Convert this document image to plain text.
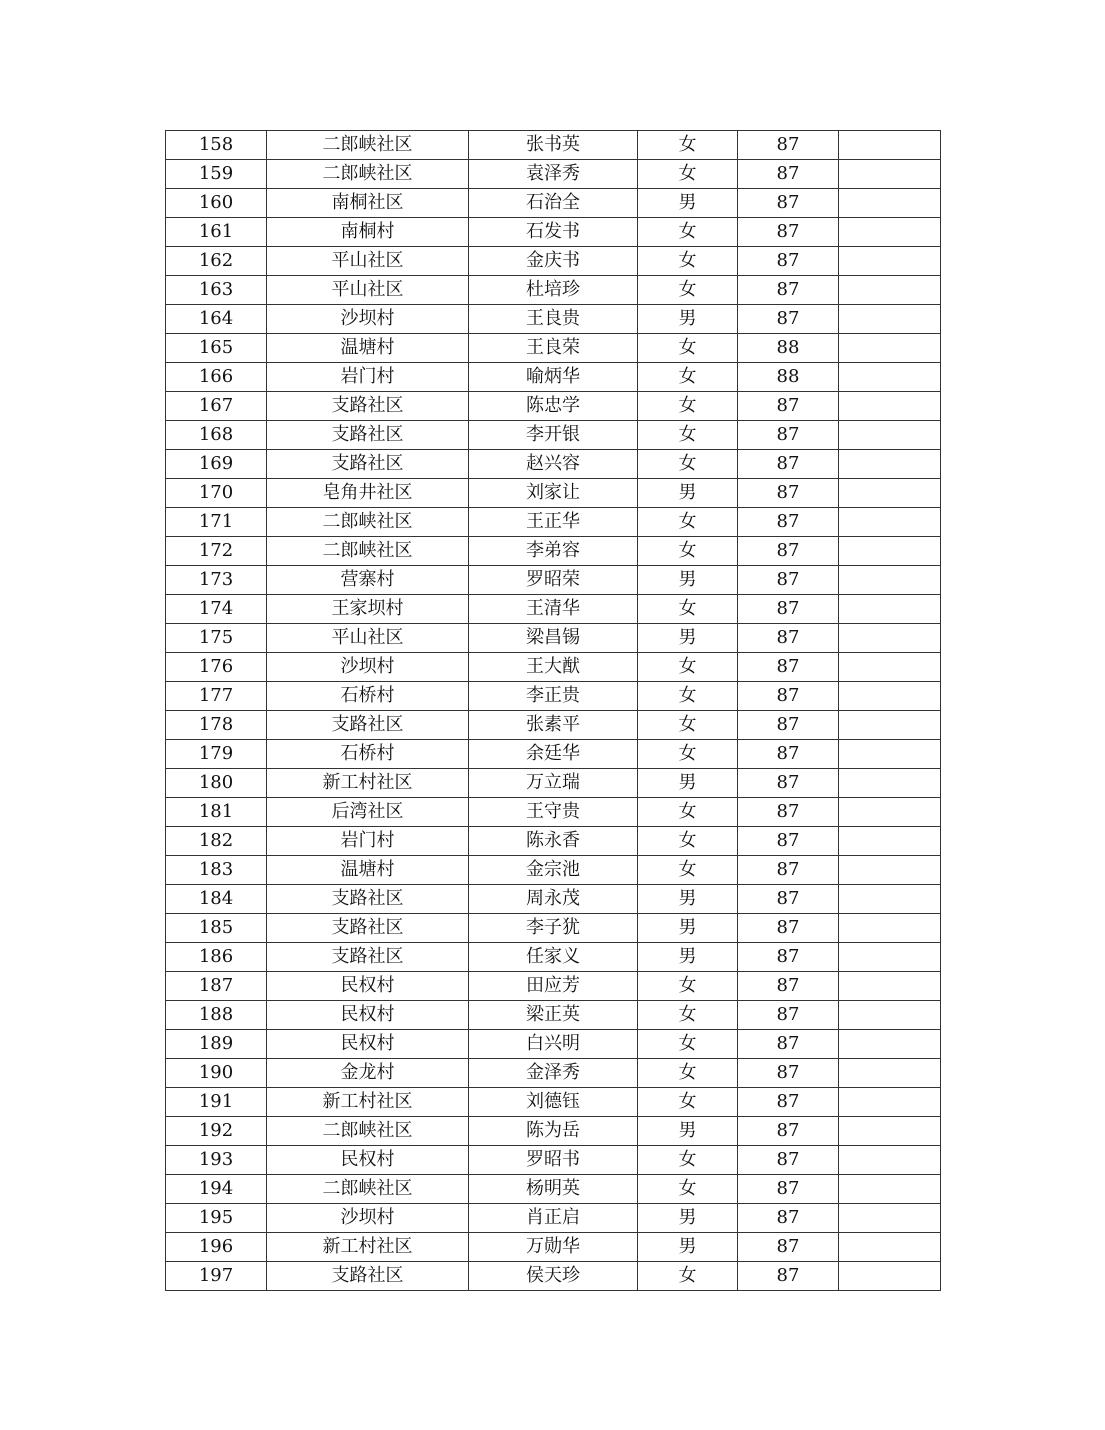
158	二郎峡社区	张书英	女	87	
159	二郎峡社区	袁泽秀	女	87	
160	南桐社区	石治全	男	87	
161	南桐村	石发书	女	87	
162	平山社区	金庆书	女	87	
163	平山社区	杜培珍	女	87	
164	沙坝村	王良贵	男	87	
165	温塘村	王良荣	女	88	
166	岩门村	喻炳华	女	88	
167	支路社区	陈忠学	女	87	
168	支路社区	李开银	女	87	
169	支路社区	赵兴容	女	87	
170	皂角井社区	刘家让	男	87	
171	二郎峡社区	王正华	女	87	
172	二郎峡社区	李弟容	女	87	
173	营寨村	罗昭荣	男	87	
174	王家坝村	王清华	女	87	
175	平山社区	梁昌锡	男	87	
176	沙坝村	王大猷	女	87	
177	石桥村	李正贵	女	87	
178	支路社区	张素平	女	87	
179	石桥村	余廷华	女	87	
180	新工村社区	万立瑞	男	87	
181	后湾社区	王守贵	女	87	
182	岩门村	陈永香	女	87	
183	温塘村	金宗池	女	87	
184	支路社区	周永茂	男	87	
185	支路社区	李子犹	男	87	
186	支路社区	任家义	男	87	
187	民权村	田应芳	女	87	
188	民权村	梁正英	女	87	
189	民权村	白兴明	女	87	
190	金龙村	金泽秀	女	87	
191	新工村社区	刘德钰	女	87	
192	二郎峡社区	陈为岳	男	87	
193	民权村	罗昭书	女	87	
194	二郎峡社区	杨明英	女	87	
195	沙坝村	肖正启	男	87	
196	新工村社区	万勋华	男	87	
197	支路社区	侯天珍	女	87	
